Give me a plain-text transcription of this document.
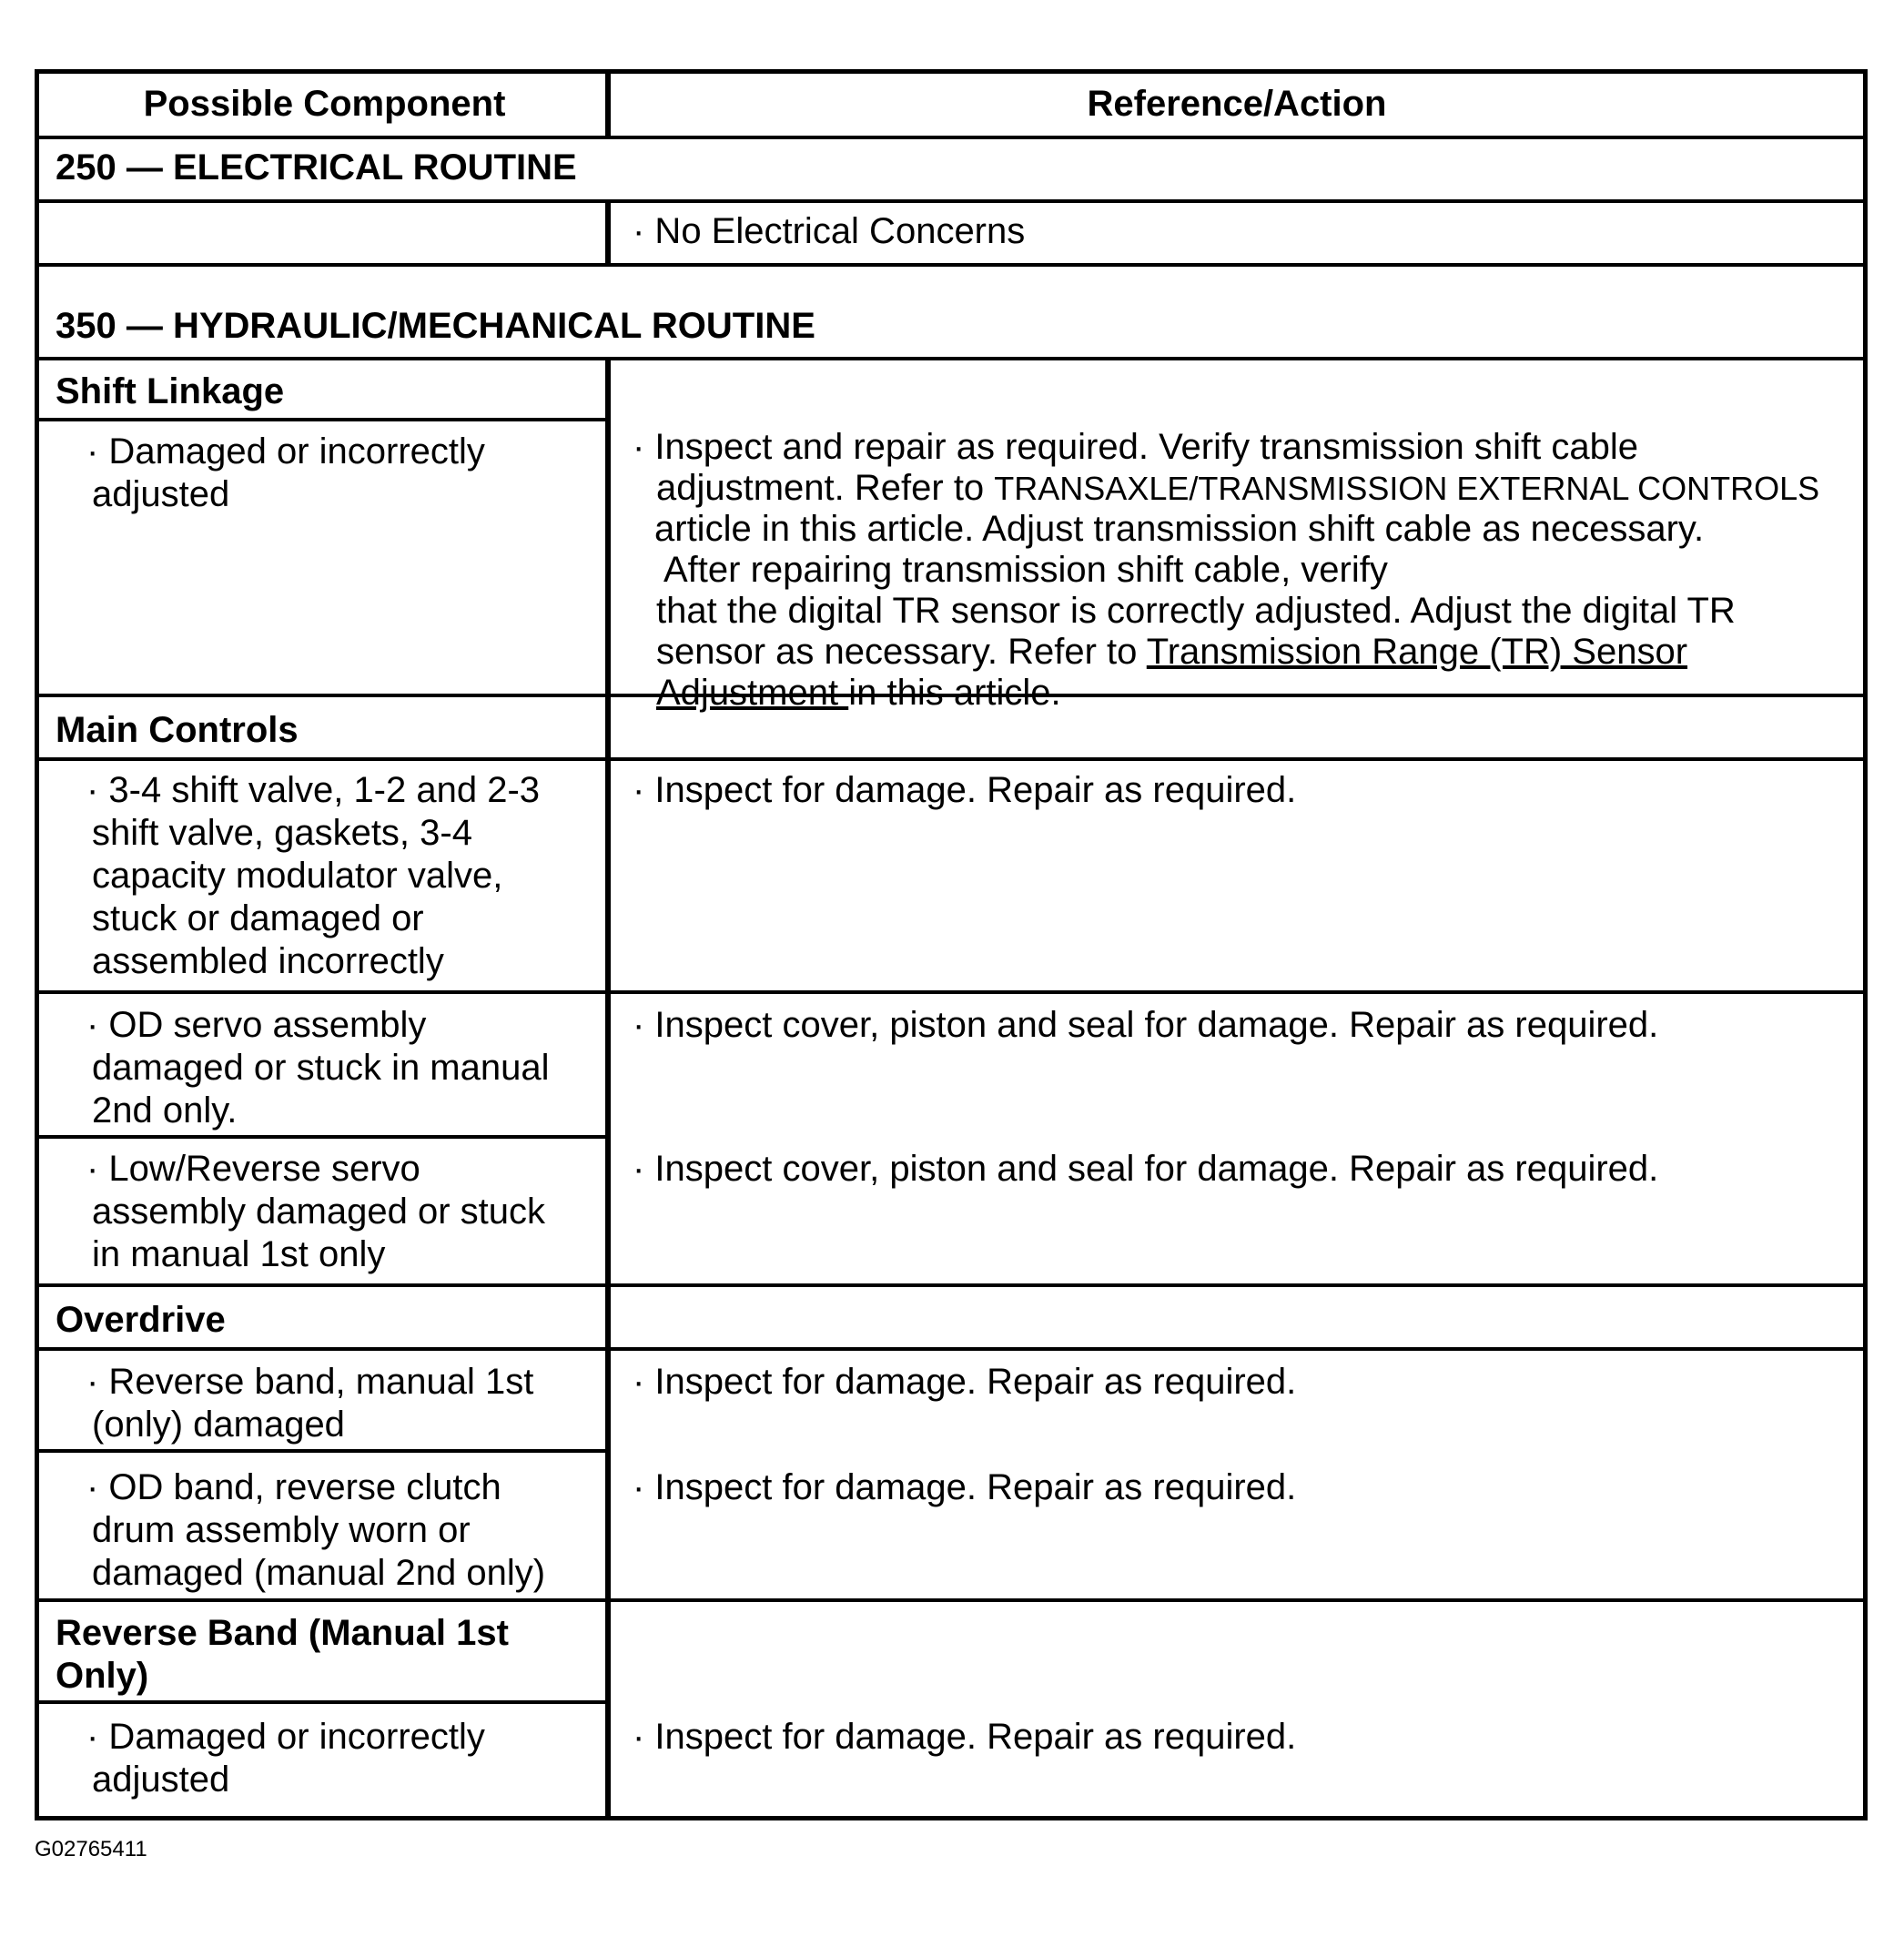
Possible Component	Reference/Action
250 — ELECTRICAL ROUTINE
· No Electrical Concerns
350 — HYDRAULIC/MECHANICAL ROUTINE
Shift Linkage
· Damaged or incorrectly
adjusted
· Inspect and repair as required. Verify transmission shift cable
adjustment. Refer to TRANSAXLE/TRANSMISSION EXTERNAL CONTROLS
article in this article. Adjust transmission shift cable as necessary.
After repairing transmission shift cable, verify
that the digital TR sensor is correctly adjusted. Adjust the digital TR
sensor as necessary. Refer to Transmission Range (TR) Sensor
Adjustment in this article.
Main Controls
· 3-4 shift valve, 1-2 and 2-3
shift valve, gaskets, 3-4
capacity modulator valve,
stuck or damaged or
assembled incorrectly
· Inspect for damage. Repair as required.
· OD servo assembly
damaged or stuck in manual
2nd only.
· Inspect cover, piston and seal for damage. Repair as required.
· Low/Reverse servo
assembly damaged or stuck
in manual 1st only
· Inspect cover, piston and seal for damage. Repair as required.
Overdrive
· Reverse band, manual 1st
(only) damaged
· Inspect for damage. Repair as required.
· OD band, reverse clutch
drum assembly worn or
damaged (manual 2nd only)
· Inspect for damage. Repair as required.
Reverse Band (Manual 1st
Only)
· Damaged or incorrectly
adjusted
· Inspect for damage. Repair as required.
G02765411
